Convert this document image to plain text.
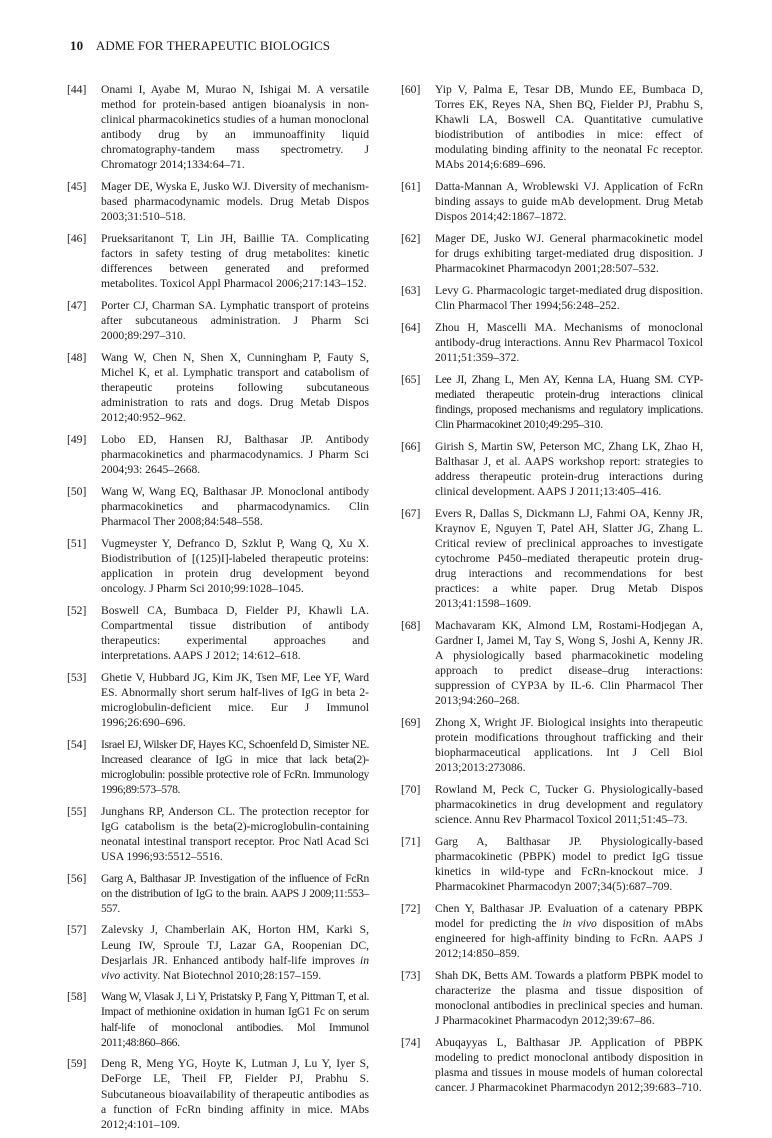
10 ADME FOR THERAPEUTIC BIOLOGICS
[44]	Onami I, Ayabe M, Murao N, Ishigai M. A versatile method for protein-based antigen bioanalysis in non-clinical pharmacokinetics studies of a human monoclonal antibody drug by an immunoaffinity liquid chromatography-tandem mass spectrometry. J Chromatogr 2014;1334:64–71.
[45]	Mager DE, Wyska E, Jusko WJ. Diversity of mechanism-based pharmacodynamic models. Drug Metab Dispos 2003;31:510–518.
[46]	Prueksaritanont T, Lin JH, Baillie TA. Complicating factors in safety testing of drug metabolites: kinetic differences between generated and preformed metabolites. Toxicol Appl Pharmacol 2006;217:143–152.
[47]	Porter CJ, Charman SA. Lymphatic transport of proteins after subcutaneous administration. J Pharm Sci 2000;89:297–310.
[48]	Wang W, Chen N, Shen X, Cunningham P, Fauty S, Michel K, et al. Lymphatic transport and catabolism of therapeutic proteins following subcutaneous administration to rats and dogs. Drug Metab Dispos 2012;40:952–962.
[49]	Lobo ED, Hansen RJ, Balthasar JP. Antibody pharmacokinetics and pharmacodynamics. J Pharm Sci 2004;93: 2645–2668.
[50]	Wang W, Wang EQ, Balthasar JP. Monoclonal antibody pharmacokinetics and pharmacodynamics. Clin Pharmacol Ther 2008;84:548–558.
[51]	Vugmeyster Y, Defranco D, Szklut P, Wang Q, Xu X. Biodistribution of [(125)I]-labeled therapeutic proteins: application in protein drug development beyond oncology. J Pharm Sci 2010;99:1028–1045.
[52]	Boswell CA, Bumbaca D, Fielder PJ, Khawli LA. Compartmental tissue distribution of antibody therapeutics: experimental approaches and interpretations. AAPS J 2012; 14:612–618.
[53]	Ghetie V, Hubbard JG, Kim JK, Tsen MF, Lee YF, Ward ES. Abnormally short serum half-lives of IgG in beta 2-microglobulin-deficient mice. Eur J Immunol 1996;26:690–696.
[54]	Israel EJ, Wilsker DF, Hayes KC, Schoenfeld D, Simister NE. Increased clearance of IgG in mice that lack beta(2)-microglobulin: possible protective role of FcRn. Immunology 1996;89:573–578.
[55]	Junghans RP, Anderson CL. The protection receptor for IgG catabolism is the beta(2)-microglobulin-containing neonatal intestinal transport receptor. Proc Natl Acad Sci USA 1996;93:5512–5516.
[56]	Garg A, Balthasar JP. Investigation of the influence of FcRn on the distribution of IgG to the brain. AAPS J 2009;11:553–557.
[57]	Zalevsky J, Chamberlain AK, Horton HM, Karki S, Leung IW, Sproule TJ, Lazar GA, Roopenian DC, Desjarlais JR. Enhanced antibody half-life improves in vivo activity. Nat Biotechnol 2010;28:157–159.
[58]	Wang W, Vlasak J, Li Y, Pristatsky P, Fang Y, Pittman T, et al. Impact of methionine oxidation in human IgG1 Fc on serum half-life of monoclonal antibodies. Mol Immunol 2011;48:860–866.
[59]	Deng R, Meng YG, Hoyte K, Lutman J, Lu Y, Iyer S, DeForge LE, Theil FP, Fielder PJ, Prabhu S. Subcutaneous bioavailability of therapeutic antibodies as a function of FcRn binding affinity in mice. MAbs 2012;4:101–109.
[60]	Yip V, Palma E, Tesar DB, Mundo EE, Bumbaca D, Torres EK, Reyes NA, Shen BQ, Fielder PJ, Prabhu S, Khawli LA, Boswell CA. Quantitative cumulative biodistribution of antibodies in mice: effect of modulating binding affinity to the neonatal Fc receptor. MAbs 2014;6:689–696.
[61]	Datta-Mannan A, Wroblewski VJ. Application of FcRn binding assays to guide mAb development. Drug Metab Dispos 2014;42:1867–1872.
[62]	Mager DE, Jusko WJ. General pharmacokinetic model for drugs exhibiting target-mediated drug disposition. J Pharmacokinet Pharmacodyn 2001;28:507–532.
[63]	Levy G. Pharmacologic target-mediated drug disposition. Clin Pharmacol Ther 1994;56:248–252.
[64]	Zhou H, Mascelli MA. Mechanisms of monoclonal antibody-drug interactions. Annu Rev Pharmacol Toxicol 2011;51:359–372.
[65]	Lee JI, Zhang L, Men AY, Kenna LA, Huang SM. CYP-mediated therapeutic protein-drug interactions clinical findings, proposed mechanisms and regulatory implications. Clin Pharmacokinet 2010;49:295–310.
[66]	Girish S, Martin SW, Peterson MC, Zhang LK, Zhao H, Balthasar J, et al. AAPS workshop report: strategies to address therapeutic protein-drug interactions during clinical development. AAPS J 2011;13:405–416.
[67]	Evers R, Dallas S, Dickmann LJ, Fahmi OA, Kenny JR, Kraynov E, Nguyen T, Patel AH, Slatter JG, Zhang L. Critical review of preclinical approaches to investigate cytochrome P450–mediated therapeutic protein drug-drug interactions and recommendations for best practices: a white paper. Drug Metab Dispos 2013;41:1598–1609.
[68]	Machavaram KK, Almond LM, Rostami-Hodjegan A, Gardner I, Jamei M, Tay S, Wong S, Joshi A, Kenny JR. A physiologically based pharmacokinetic modeling approach to predict disease–drug interactions: suppression of CYP3A by IL-6. Clin Pharmacol Ther 2013;94:260–268.
[69]	Zhong X, Wright JF. Biological insights into therapeutic protein modifications throughout trafficking and their biopharmaceutical applications. Int J Cell Biol 2013;2013:273086.
[70]	Rowland M, Peck C, Tucker G. Physiologically-based pharmacokinetics in drug development and regulatory science. Annu Rev Pharmacol Toxicol 2011;51:45–73.
[71]	Garg A, Balthasar JP. Physiologically-based pharmacokinetic (PBPK) model to predict IgG tissue kinetics in wild-type and FcRn-knockout mice. J Pharmacokinet Pharmacodyn 2007;34(5):687–709.
[72]	Chen Y, Balthasar JP. Evaluation of a catenary PBPK model for predicting the in vivo disposition of mAbs engineered for high-affinity binding to FcRn. AAPS J 2012;14:850–859.
[73]	Shah DK, Betts AM. Towards a platform PBPK model to characterize the plasma and tissue disposition of monoclonal antibodies in preclinical species and human. J Pharmacokinet Pharmacodyn 2012;39:67–86.
[74]	Abuqayyas L, Balthasar JP. Application of PBPK modeling to predict monoclonal antibody disposition in plasma and tissues in mouse models of human colorectal cancer. J Pharmacokinet Pharmacodyn 2012;39:683–710.
